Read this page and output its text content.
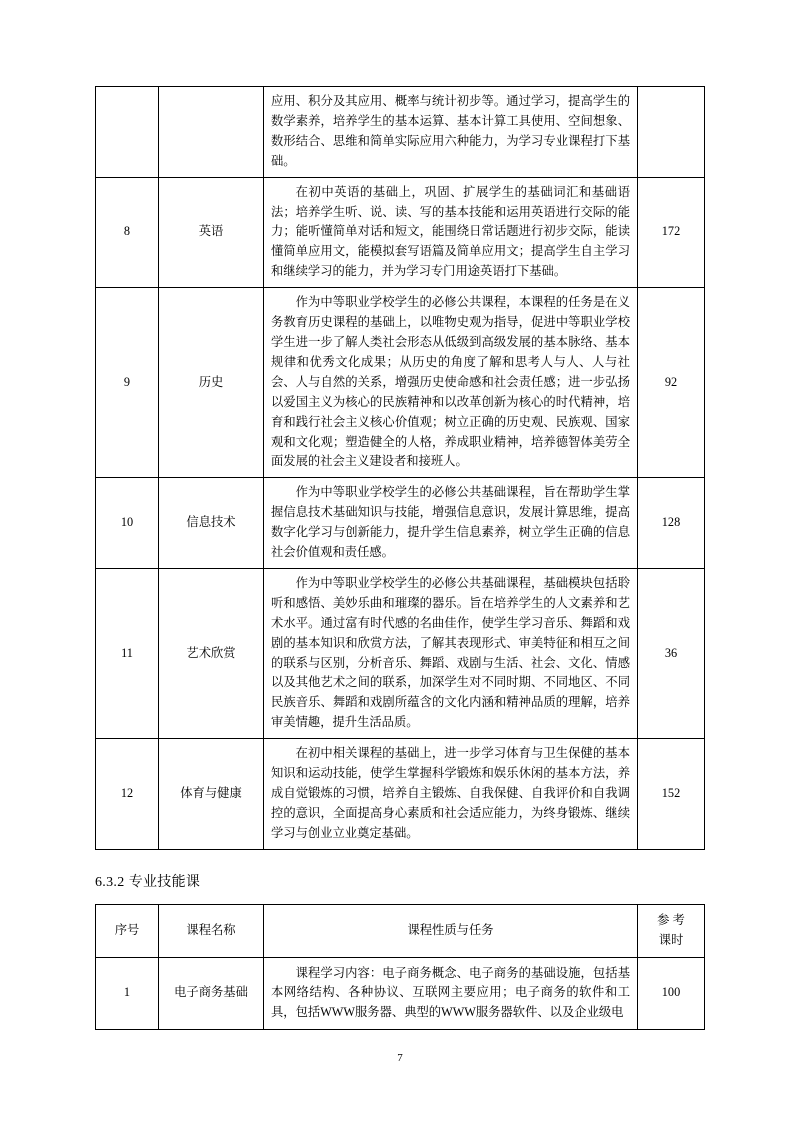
		应用、积分及其应用、概率与统计初步等。通过学习，提高学生的数学素养，培养学生的基本运算、基本计算工具使用、空间想象、数形结合、思维和简单实际应用六种能力，为学习专业课程打下基础。	

8	英语	在初中英语的基础上，巩固、扩展学生的基础词汇和基础语法；培养学生听、说、读、写的基本技能和运用英语进行交际的能力；能听懂简单对话和短文，能围绕日常话题进行初步交际，能读懂简单应用文，能模拟套写语篇及简单应用文；提高学生自主学习和继续学习的能力，并为学习专门用途英语打下基础。	172
9	历史	作为中等职业学校学生的必修公共课程，本课程的任务是在义务教育历史课程的基础上，以唯物史观为指导，促进中等职业学校学生进一步了解人类社会形态从低级到高级发展的基本脉络、基本规律和优秀文化成果；从历史的角度了解和思考人与人、人与社会、人与自然的关系，增强历史使命感和社会责任感；进一步弘扬以爱国主义为核心的民族精神和以改革创新为核心的时代精神，培育和践行社会主义核心价值观；树立正确的历史观、民族观、国家观和文化观；塑造健全的人格，养成职业精神，培养德智体美劳全面发展的社会主义建设者和接班人。	92
10	信息技术	作为中等职业学校学生的必修公共基础课程，旨在帮助学生掌握信息技术基础知识与技能，增强信息意识，发展计算思维，提高数字化学习与创新能力，提升学生信息素养，树立学生正确的信息社会价值观和责任感。	128
11	艺术欣赏	作为中等职业学校学生的必修公共基础课程，基础模块包括聆听和感悟、美妙乐曲和璀璨的器乐。旨在培养学生的人文素养和艺术水平。通过富有时代感的名曲佳作，使学生学习音乐、舞蹈和戏剧的基本知识和欣赏方法，了解其表现形式、审美特征和相互之间的联系与区别，分析音乐、舞蹈、戏剧与生活、社会、文化、情感以及其他艺术之间的联系，加深学生对不同时期、不同地区、不同民族音乐、舞蹈和戏剧所蕴含的文化内涵和精神品质的理解，培养审美情趣，提升生活品质。	36
12	体育与健康	在初中相关课程的基础上，进一步学习体育与卫生保健的基本知识和运动技能，使学生掌握科学锻炼和娱乐休闲的基本方法，养成自觉锻炼的习惯，培养自主锻炼、自我保健、自我评价和自我调控的意识，全面提高身心素质和社会适应能力，为终身锻炼、继续学习与创业立业奠定基础。	152
6.3.2 专业技能课
序号	课程名称	课程性质与任务	参 考
课时

1	电子商务基础	课程学习内容：电子商务概念、电子商务的基础设施，包括基本网络结构、各种协议、互联网主要应用；电子商务的软件和工具，包括WWW服务器、典型的WWW服务器软件、以及企业级电	100
7
